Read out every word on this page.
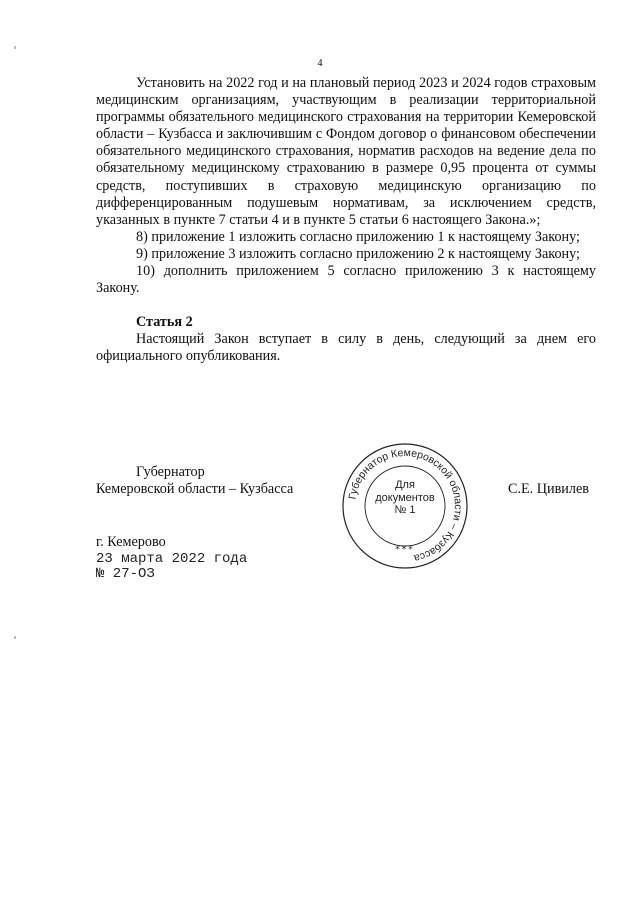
4

Установить на 2022 год и на плановый период 2023 и 2024 годов страховым медицинским организациям, участвующим в реализации территориальной программы обязательного медицинского страхования на территории Кемеровской области – Кузбасса и заключившим с Фондом договор о финансовом обеспечении обязательного медицинского страхования, норматив расходов на ведение дела по обязательному медицинскому страхованию в размере 0,95 процента от суммы средств, поступивших в страховую медицинскую организацию по дифференцированным подушевым нормативам, за исключением средств, указанных в пункте 7 статьи 4 и в пункте 5 статьи 6 настоящего Закона.»;

8) приложение 1 изложить согласно приложению 1 к настоящему Закону;

9) приложение 3 изложить согласно приложению 2 к настоящему Закону;

10) дополнить приложением 5 согласно приложению 3 к настоящему Закону.

Статья 2

Настоящий Закон вступает в силу в день, следующий за днем его официального опубликования.

Губернатор
Кемеровской области – Кузбасса	С.Е. Цивилев
Губернатор Кемеровской области – Кузбасса
Для
документов
№ 1
***
г. Кемерово
23 марта 2022 года
№ 27-ОЗ
